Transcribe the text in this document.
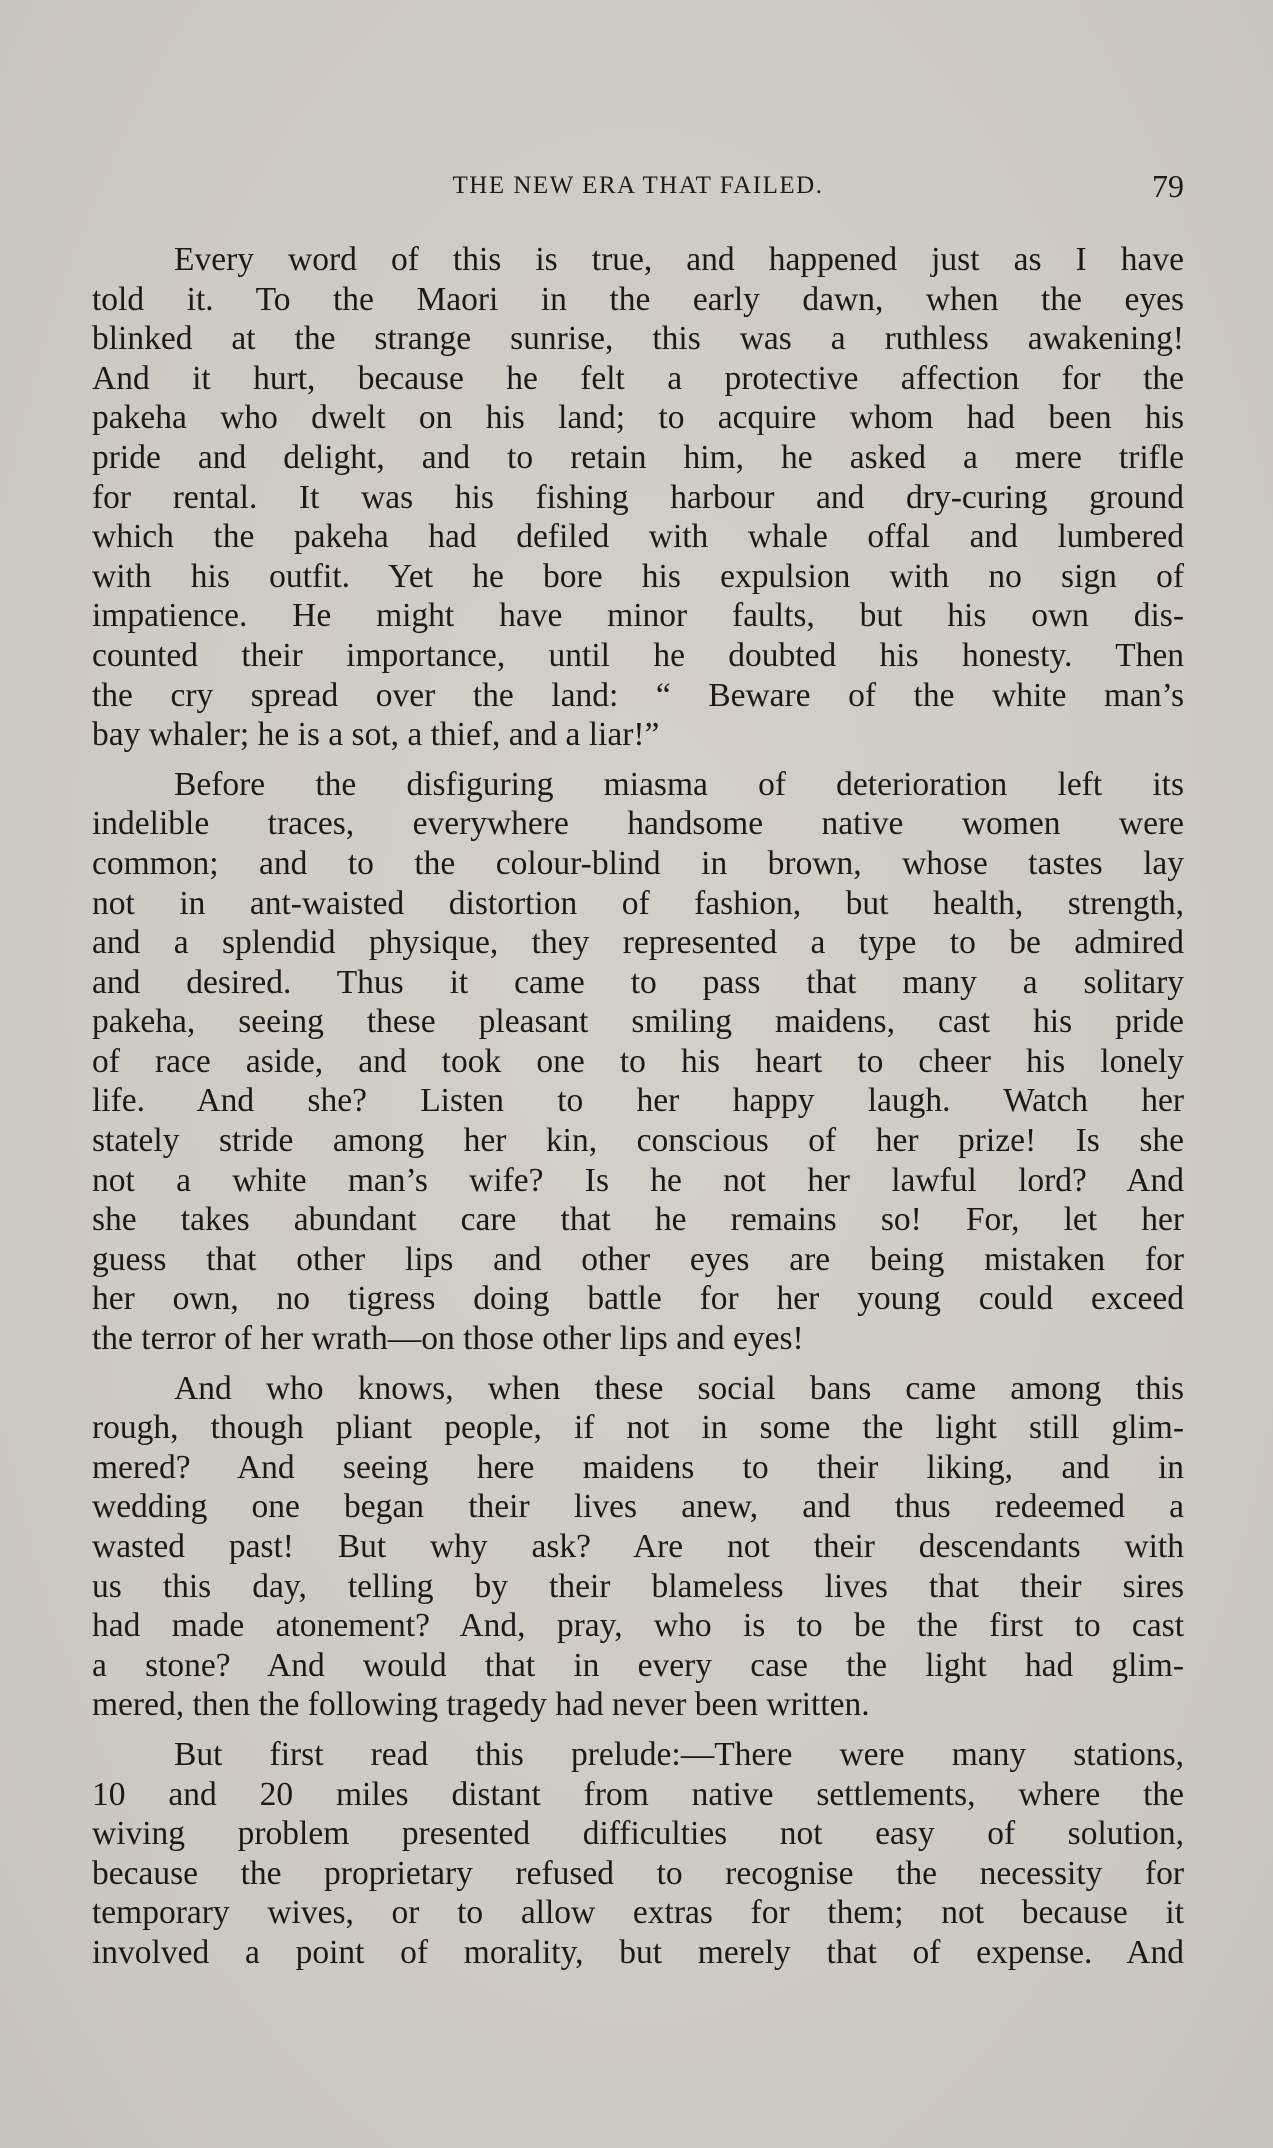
THE NEW ERA THAT FAILED.	79

Every word of this is true, and happened just as I have
told it. To the Maori in the early dawn, when the eyes
blinked at the strange sunrise, this was a ruthless awakening!
And it hurt, because he felt a protective affection for the
pakeha who dwelt on his land; to acquire whom had been his
pride and delight, and to retain him, he asked a mere trifle
for rental. It was his fishing harbour and dry-curing ground
which the pakeha had defiled with whale offal and lumbered
with his outfit. Yet he bore his expulsion with no sign of
impatience. He might have minor faults, but his own dis-
counted their importance, until he doubted his honesty. Then
the cry spread over the land: “ Beware of the white man’s
bay whaler; he is a sot, a thief, and a liar!”

Before the disfiguring miasma of deterioration left its
indelible traces, everywhere handsome native women were
common; and to the colour-blind in brown, whose tastes lay
not in ant-waisted distortion of fashion, but health, strength,
and a splendid physique, they represented a type to be admired
and desired. Thus it came to pass that many a solitary
pakeha, seeing these pleasant smiling maidens, cast his pride
of race aside, and took one to his heart to cheer his lonely
life. And she? Listen to her happy laugh. Watch her
stately stride among her kin, conscious of her prize! Is she
not a white man’s wife? Is he not her lawful lord? And
she takes abundant care that he remains so! For, let her
guess that other lips and other eyes are being mistaken for
her own, no tigress doing battle for her young could exceed
the terror of her wrath—on those other lips and eyes!

And who knows, when these social bans came among this
rough, though pliant people, if not in some the light still glim-
mered? And seeing here maidens to their liking, and in
wedding one began their lives anew, and thus redeemed a
wasted past! But why ask? Are not their descendants with
us this day, telling by their blameless lives that their sires
had made atonement? And, pray, who is to be the first to cast
a stone? And would that in every case the light had glim-
mered, then the following tragedy had never been written.

But first read this prelude:—There were many stations,
10 and 20 miles distant from native settlements, where the
wiving problem presented difficulties not easy of solution,
because the proprietary refused to recognise the necessity for
temporary wives, or to allow extras for them; not because it
involved a point of morality, but merely that of expense. And
